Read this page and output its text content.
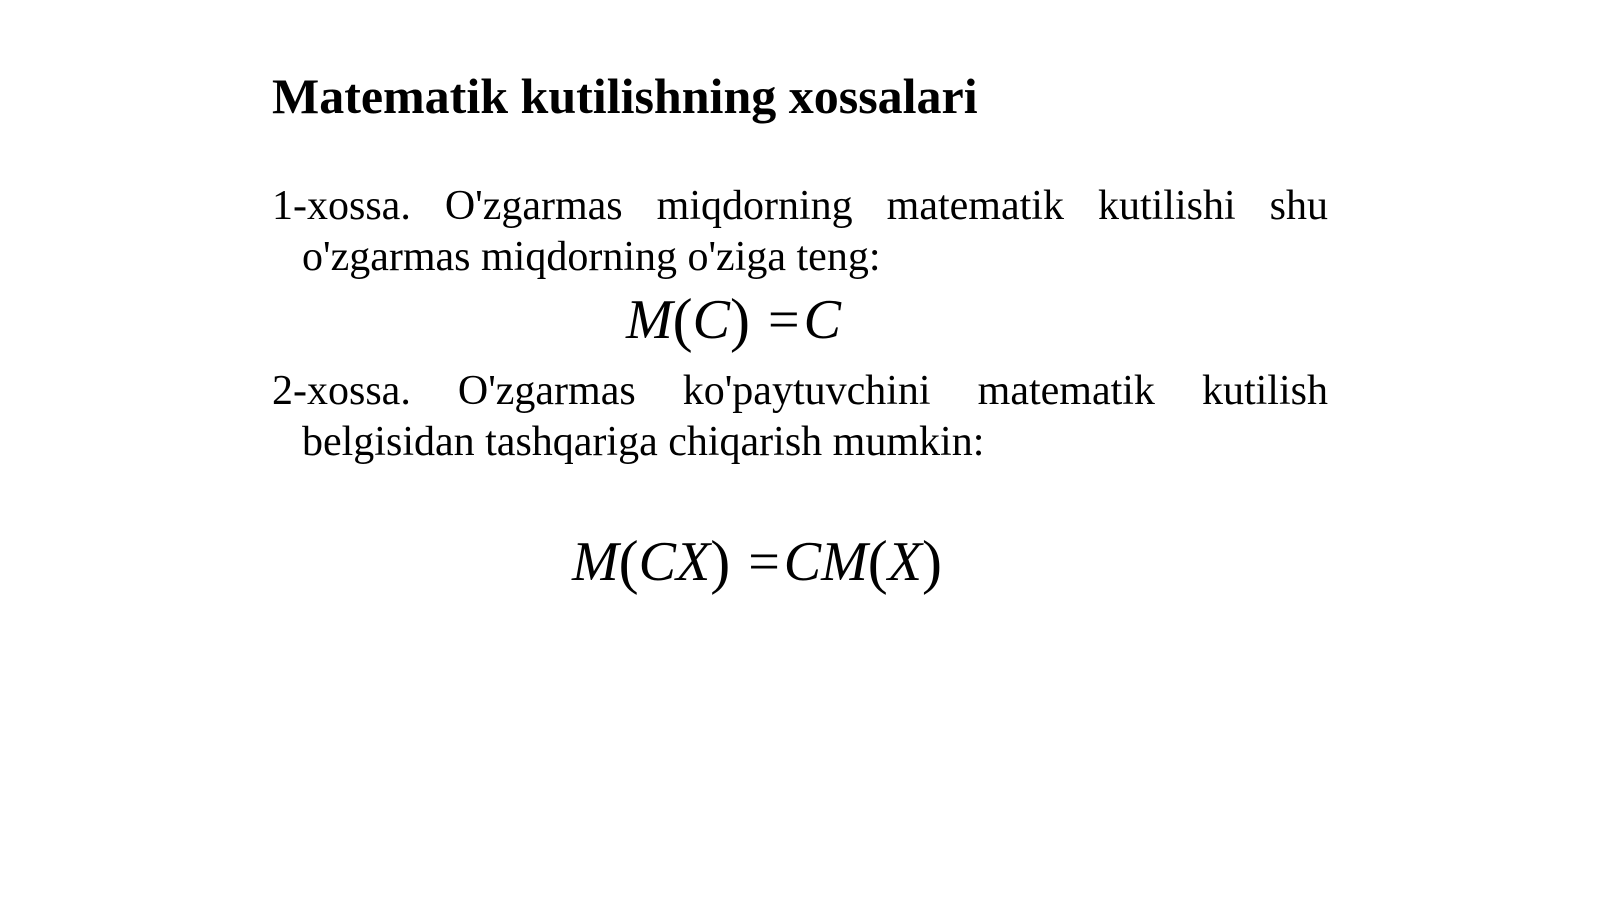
Matematik kutilishning xossalari

1-xossa. O'zgarmas miqdorning matematik kutilishi shu o'zgarmas miqdorning o'ziga teng:

M(C) =C

2-xossa. O'zgarmas ko'paytuvchini matematik kutilish belgisidan tashqariga chiqarish mumkin:

M(CX) =CM(X)
